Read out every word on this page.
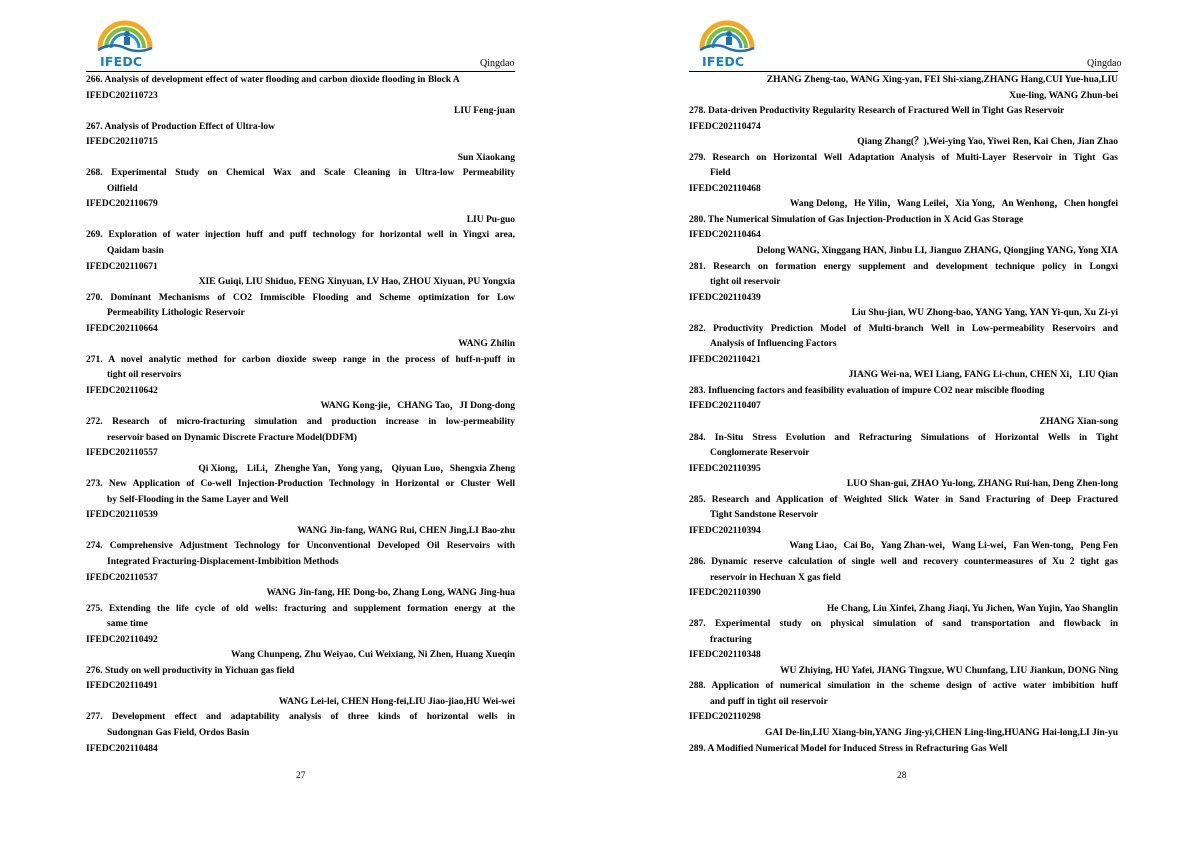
IFEDC	Qingdao
266. Analysis of development effect of water flooding and carbon dioxide flooding in Block A
IFEDC202110723
LIU Feng-juan
267. Analysis of Production Effect of Ultra-low
IFEDC202110715
Sun Xiaokang
268. Experimental Study on Chemical Wax and Scale Cleaning in Ultra-low Permeability
Oilfield
IFEDC202110679
LIU Pu-guo
269. Exploration of water injection huff and puff technology for horizontal well in Yingxi area,
Qaidam basin
IFEDC202110671
XIE Guiqi, LIU Shiduo, FENG Xinyuan, LV Hao, ZHOU Xiyuan, PU Yongxia
270. Dominant Mechanisms of CO2 Immiscible Flooding and Scheme optimization for Low
Permeability Lithologic Reservoir
IFEDC202110664
WANG Zhilin
271. A novel analytic method for carbon dioxide sweep range in the process of huff-n-puff in
tight oil reservoirs
IFEDC202110642
WANG Kong-jie，CHANG Tao，JI Dong-dong
272. Research of micro-fracturing simulation and production increase in low-permeability
reservoir based on Dynamic Discrete Fracture Model(DDFM)
IFEDC202110557
Qi Xiong， LiLi，Zhenghe Yan，Yong yang， Qiyuan Luo，Shengxia Zheng
273. New Application of Co-well Injection-Production Technology in Horizontal or Cluster Well
by Self-Flooding in the Same Layer and Well
IFEDC202110539
WANG Jin-fang, WANG Rui, CHEN Jing,LI Bao-zhu
274. Comprehensive Adjustment Technology for Unconventional Developed Oil Reservoirs with
Integrated Fracturing-Displacement-Imbibition Methods
IFEDC202110537
WANG Jin-fang, HE Dong-bo, Zhang Long, WANG Jing-hua
275. Extending the life cycle of old wells: fracturing and supplement formation energy at the
same time
IFEDC202110492
Wang Chunpeng, Zhu Weiyao, Cui Weixiang, Ni Zhen, Huang Xueqin
276. Study on well productivity in Yichuan gas field
IFEDC202110491
WANG Lei-lei, CHEN Hong-fei,LIU Jiao-jiao,HU Wei-wei
277. Development effect and adaptability analysis of three kinds of horizontal wells in
Sudongnan Gas Field, Ordos Basin
IFEDC202110484
27
IFEDC	Qingdao
ZHANG Zheng-tao, WANG Xing-yan, FEI Shi-xiang,ZHANG Hang,CUI Yue-hua,LIU
Xue-ling, WANG Zhun-bei
278. Data-driven Productivity Regularity Research of Fractured Well in Tight Gas Reservoir
IFEDC202110474
Qiang Zhang(？),Wei-ying Yao, Yiwei Ren, Kai Chen, Jian Zhao
279. Research on Horizontal Well Adaptation Analysis of Multi-Layer Reservoir in Tight Gas
Field
IFEDC202110468
Wang Delong，He Yilin，Wang Leilei，Xia Yong，An Wenhong，Chen hongfei
280. The Numerical Simulation of Gas Injection-Production in X Acid Gas Storage
IFEDC202110464
Delong WANG, Xinggang HAN, Jinbu LI, Jianguo ZHANG, Qiongjing YANG, Yong XIA
281. Research on formation energy supplement and development technique policy in Longxi
tight oil reservoir
IFEDC202110439
Liu Shu-jian, WU Zhong-bao, YANG Yang, YAN Yi-qun, Xu Zi-yi
282. Productivity Prediction Model of Multi-branch Well in Low-permeability Reservoirs and
Analysis of Influencing Factors
IFEDC202110421
JIANG Wei-na, WEI Liang, FANG Li-chun, CHEN Xi，LIU Qian
283. Influencing factors and feasibility evaluation of impure CO2 near miscible flooding
IFEDC202110407
ZHANG Xian-song
284. In-Situ Stress Evolution and Refracturing Simulations of Horizontal Wells in Tight
Conglomerate Reservoir
IFEDC202110395
LUO Shan-gui, ZHAO Yu-long, ZHANG Rui-han, Deng Zhen-long
285. Research and Application of Weighted Slick Water in Sand Fracturing of Deep Fractured
Tight Sandstone Reservoir
IFEDC202110394
Wang Liao，Cai Bo，Yang Zhan-wei，Wang Li-wei，Fan Wen-tong，Peng Fen
286. Dynamic reserve calculation of single well and recovery countermeasures of Xu 2 tight gas
reservoir in Hechuan X gas field
IFEDC202110390
He Chang, Liu Xinfei, Zhang Jiaqi, Yu Jichen, Wan Yujin, Yao Shanglin
287. Experimental study on physical simulation of sand transportation and flowback in
fracturing
IFEDC202110348
WU Zhiying, HU Yafei, JIANG Tingxue, WU Chunfang, LIU Jiankun, DONG Ning
288. Application of numerical simulation in the scheme design of active water imbibition huff
and puff in tight oil reservoir
IFEDC202110298
GAI De-lin,LIU Xiang-bin,YANG Jing-yi,CHEN Ling-ling,HUANG Hai-long,LI Jin-yu
289. A Modified Numerical Model for Induced Stress in Refracturing Gas Well
28
